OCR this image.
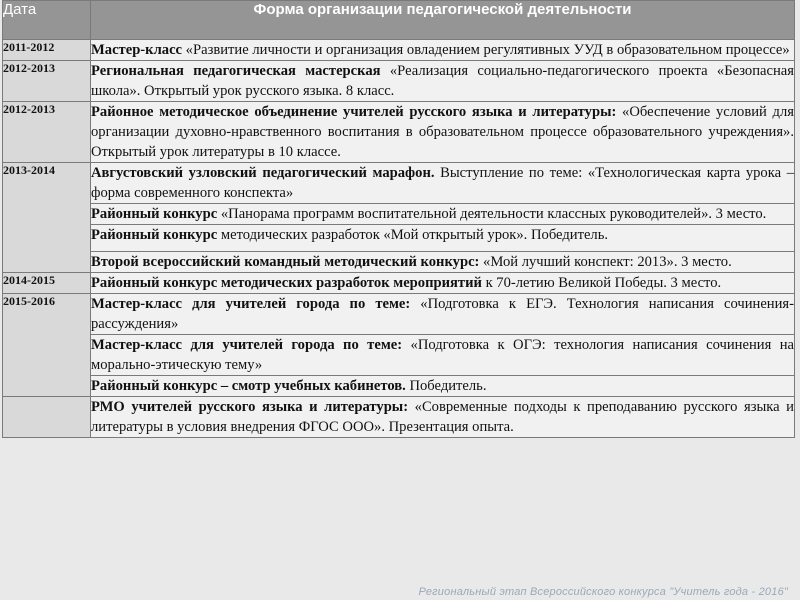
Дата	Форма организации педагогической деятельности
2011-2012	Мастер-класс «Развитие личности и организация овладением регулятивных УУД в образовательном процессе»
2012-2013	Региональная педагогическая мастерская «Реализация социально-педагогического проекта «Безопасная школа». Открытый урок русского языка. 8 класс.
2012-2013	Районное методическое объединение учителей русского языка и литературы: «Обеспечение условий для организации духовно-нравственного воспитания в образовательном процессе образовательного учреждения». Открытый урок литературы в 10 классе.
2013-2014	Августовский узловский педагогический марафон. Выступление по теме: «Технологическая карта урока – форма современного конспекта»
	Районный конкурс «Панорама программ воспитательной деятельности классных руководителей». 3 место.
	Районный конкурс методических разработок «Мой открытый урок». Победитель.
	Второй всероссийский командный методический конкурс: «Мой лучший конспект: 2013». 3 место.
2014-2015	Районный конкурс методических разработок мероприятий к 70-летию Великой Победы. 3 место.
2015-2016	Мастер-класс для учителей города по теме: «Подготовка к ЕГЭ. Технология написания сочинения-рассуждения»
	Мастер-класс для учителей города по теме: «Подготовка к ОГЭ: технология написания сочинения на морально-этическую тему»
	Районный конкурс – смотр учебных кабинетов. Победитель.
	РМО учителей русского языка и литературы: «Современные подходы к преподаванию русского языка и литературы в условия внедрения ФГОС ООО». Презентация опыта.
Региональный этап Всероссийского конкурса "Учитель года - 2016"
